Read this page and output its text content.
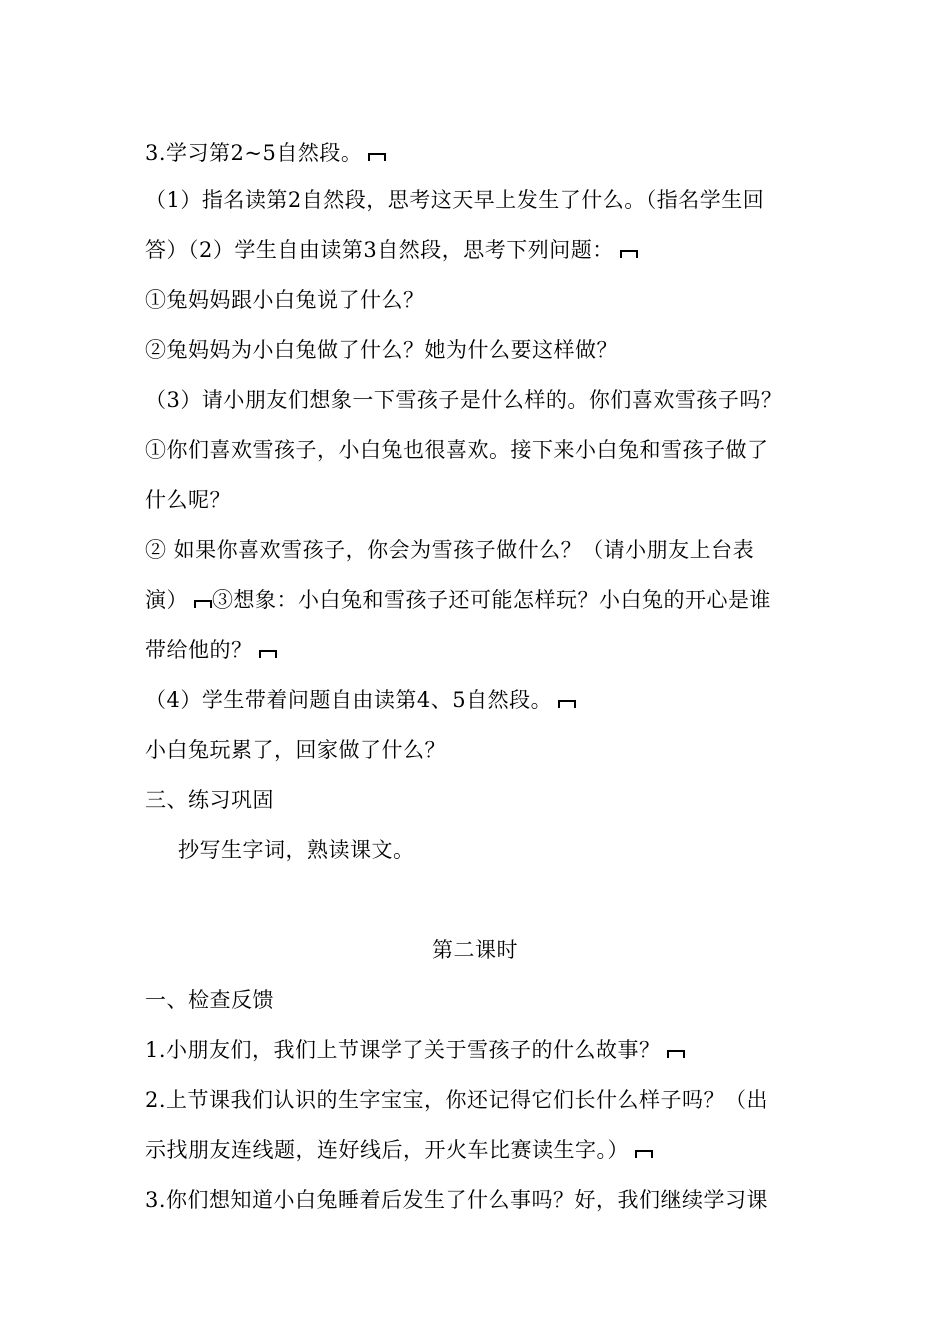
3.学习第2~5自然段。
（1）指名读第2自然段，思考这天早上发生了什么。（指名学生回
答）（2）学生自由读第3自然段，思考下列问题：
①兔妈妈跟小白兔说了什么？
②兔妈妈为小白兔做了什么？她为什么要这样做？
（3）请小朋友们想象一下雪孩子是什么样的。你们喜欢雪孩子吗？
①你们喜欢雪孩子，小白兔也很喜欢。接下来小白兔和雪孩子做了
什么呢？
② 如果你喜欢雪孩子，你会为雪孩子做什么？（请小朋友上台表
演） ③想象：小白兔和雪孩子还可能怎样玩？小白兔的开心是谁
带给他的？
（4）学生带着问题自由读第4、5自然段。
小白兔玩累了，回家做了什么？
三、练习巩固
抄写生字词，熟读课文。
第二课时
一、检查反馈
1.小朋友们，我们上节课学了关于雪孩子的什么故事？
2.上节课我们认识的生字宝宝，你还记得它们长什么样子吗？（出
示找朋友连线题，连好线后，开火车比赛读生字。）
3.你们想知道小白兔睡着后发生了什么事吗？好，我们继续学习课
